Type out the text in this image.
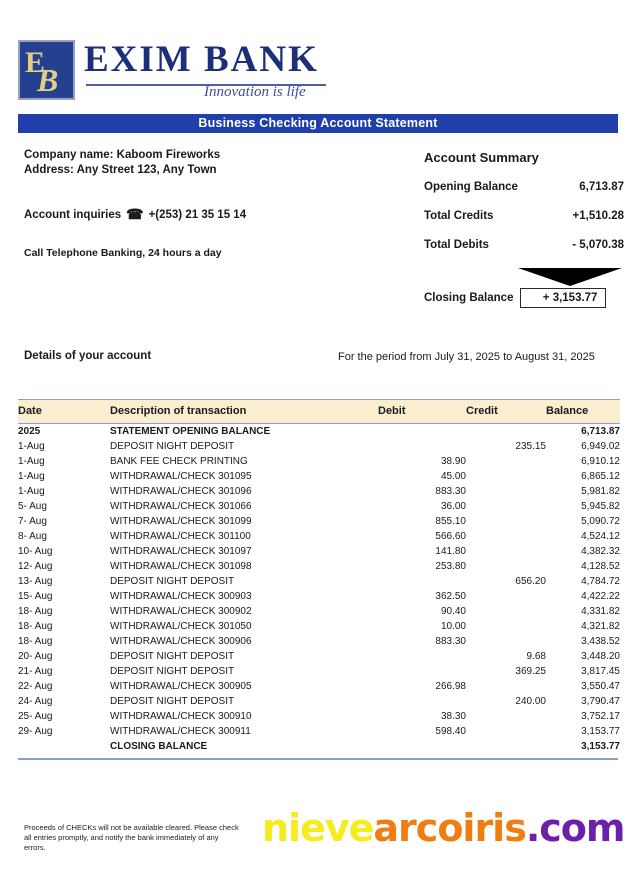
E
B EXIM BANK
Innovation is life
Business Checking Account Statement
Company name: Kaboom Fireworks
Address: Any Street 123, Any Town
Account inquiries ☎ +(253) 21 35 15 14
Call Telephone Banking, 24 hours a day
Account Summary
Opening Balance	6,713.87
Total Credits	+1,510.28
Total Debits	- 5,070.38
Closing Balance	+ 3,153.77
Details of your account	For the period from July 31, 2025 to August 31, 2025
Date	Description of transaction	Debit	Credit	Balance
2025	STATEMENT OPENING BALANCE			6,713.87
1-Aug	DEPOSIT NIGHT DEPOSIT		235.15	6,949.02
1-Aug	BANK FEE CHECK PRINTING	38.90		6,910.12
1-Aug	WITHDRAWAL/CHECK 301095	45.00		6,865.12
1-Aug	WITHDRAWAL/CHECK 301096	883.30		5,981.82
5- Aug	WITHDRAWAL/CHECK 301066	36.00		5,945.82
7- Aug	WITHDRAWAL/CHECK 301099	855.10		5,090.72
8- Aug	WITHDRAWAL/CHECK 301100	566.60		4,524.12
10- Aug	WITHDRAWAL/CHECK 301097	141.80		4,382.32
12- Aug	WITHDRAWAL/CHECK 301098	253.80		4,128.52
13- Aug	DEPOSIT NIGHT DEPOSIT		656.20	4,784.72
15- Aug	WITHDRAWAL/CHECK 300903	362.50		4,422.22
18- Aug	WITHDRAWAL/CHECK 300902	90.40		4,331.82
18- Aug	WITHDRAWAL/CHECK 301050	10.00		4,321.82
18- Aug	WITHDRAWAL/CHECK 300906	883.30		3,438.52
20- Aug	DEPOSIT NIGHT DEPOSIT		9.68	3,448.20
21- Aug	DEPOSIT NIGHT DEPOSIT		369.25	3,817.45
22- Aug	WITHDRAWAL/CHECK 300905	266.98		3,550.47
24- Aug	DEPOSIT NIGHT DEPOSIT		240.00	3,790.47
25- Aug	WITHDRAWAL/CHECK 300910	38.30		3,752.17
29- Aug	WITHDRAWAL/CHECK 300911	598.40		3,153.77
	CLOSING BALANCE			3,153.77
Proceeds of CHECKs will not be available cleared. Please check all entries promptly, and notify the bank immediately of any errors.	nievearcoiris.com
